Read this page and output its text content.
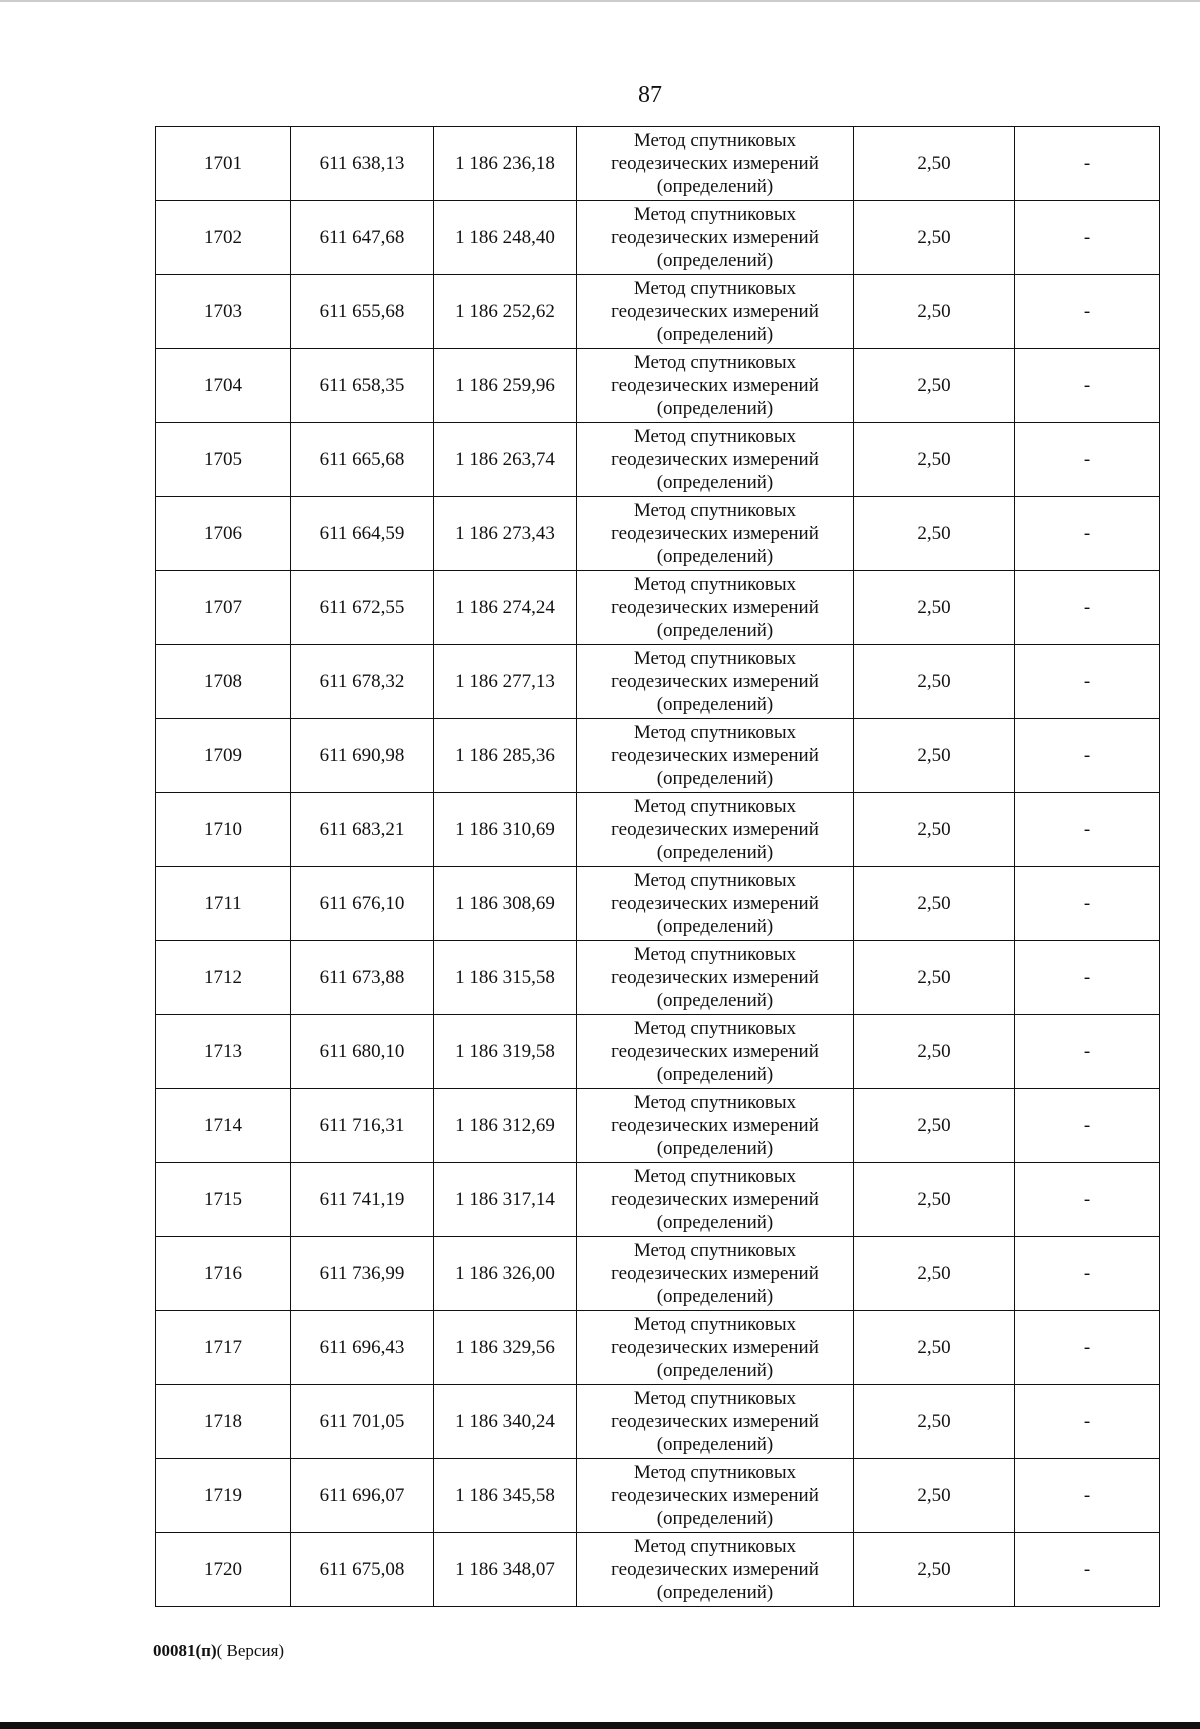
87
1701	611 638,13	1 186 236,18	Метод спутниковых
геодезических измерений
(определений)	2,50	-
1702	611 647,68	1 186 248,40	Метод спутниковых
геодезических измерений
(определений)	2,50	-
1703	611 655,68	1 186 252,62	Метод спутниковых
геодезических измерений
(определений)	2,50	-
1704	611 658,35	1 186 259,96	Метод спутниковых
геодезических измерений
(определений)	2,50	-
1705	611 665,68	1 186 263,74	Метод спутниковых
геодезических измерений
(определений)	2,50	-
1706	611 664,59	1 186 273,43	Метод спутниковых
геодезических измерений
(определений)	2,50	-
1707	611 672,55	1 186 274,24	Метод спутниковых
геодезических измерений
(определений)	2,50	-
1708	611 678,32	1 186 277,13	Метод спутниковых
геодезических измерений
(определений)	2,50	-
1709	611 690,98	1 186 285,36	Метод спутниковых
геодезических измерений
(определений)	2,50	-
1710	611 683,21	1 186 310,69	Метод спутниковых
геодезических измерений
(определений)	2,50	-
1711	611 676,10	1 186 308,69	Метод спутниковых
геодезических измерений
(определений)	2,50	-
1712	611 673,88	1 186 315,58	Метод спутниковых
геодезических измерений
(определений)	2,50	-
1713	611 680,10	1 186 319,58	Метод спутниковых
геодезических измерений
(определений)	2,50	-
1714	611 716,31	1 186 312,69	Метод спутниковых
геодезических измерений
(определений)	2,50	-
1715	611 741,19	1 186 317,14	Метод спутниковых
геодезических измерений
(определений)	2,50	-
1716	611 736,99	1 186 326,00	Метод спутниковых
геодезических измерений
(определений)	2,50	-
1717	611 696,43	1 186 329,56	Метод спутниковых
геодезических измерений
(определений)	2,50	-
1718	611 701,05	1 186 340,24	Метод спутниковых
геодезических измерений
(определений)	2,50	-
1719	611 696,07	1 186 345,58	Метод спутниковых
геодезических измерений
(определений)	2,50	-
1720	611 675,08	1 186 348,07	Метод спутниковых
геодезических измерений
(определений)	2,50	-
00081(п)( Версия)
